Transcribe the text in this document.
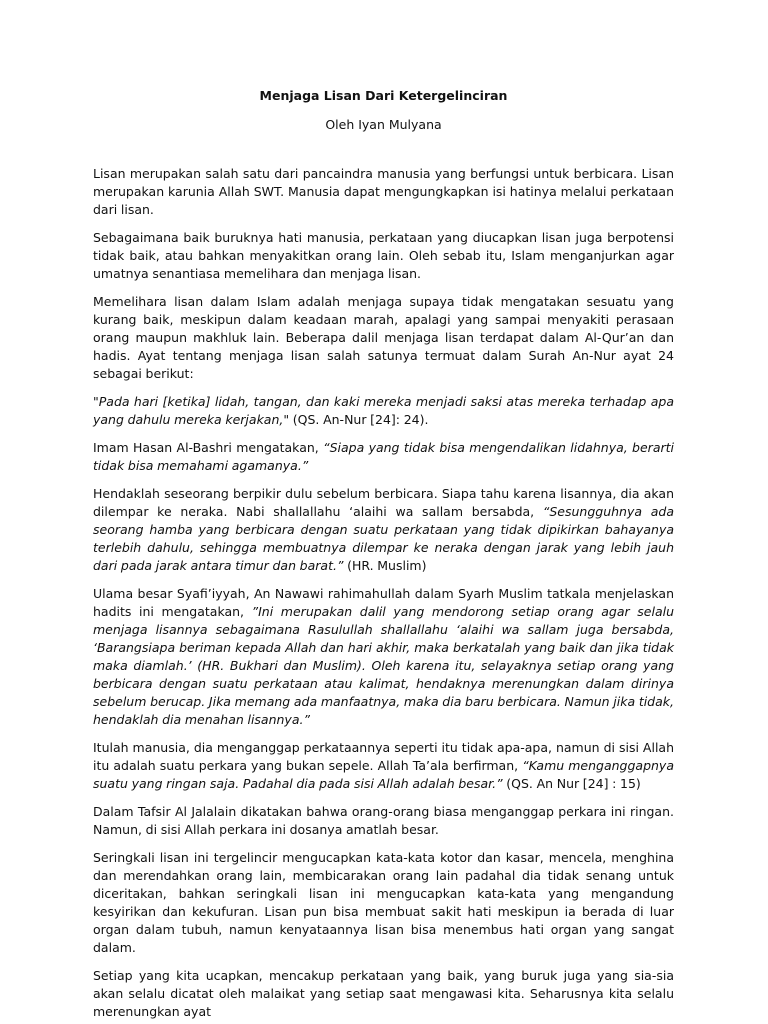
Menjaga Lisan Dari Ketergelinciran

Oleh Iyan Mulyana

Lisan merupakan salah satu dari pancaindra manusia yang berfungsi untuk berbicara. Lisan merupakan karunia Allah SWT. Manusia dapat mengungkapkan isi hatinya melalui perkataan dari lisan.

Sebagaimana baik buruknya hati manusia, perkataan yang diucapkan lisan juga berpotensi tidak baik, atau bahkan menyakitkan orang lain. Oleh sebab itu, Islam menganjurkan agar umatnya senantiasa memelihara dan menjaga lisan.

Memelihara lisan dalam Islam adalah menjaga supaya tidak mengatakan sesuatu yang kurang baik, meskipun dalam keadaan marah, apalagi yang sampai menyakiti perasaan orang maupun makhluk lain. Beberapa dalil menjaga lisan terdapat dalam Al-Qur’an dan hadis. Ayat tentang menjaga lisan salah satunya termuat dalam Surah An-Nur ayat 24 sebagai berikut:

"Pada hari [ketika] lidah, tangan, dan kaki mereka menjadi saksi atas mereka terhadap apa yang dahulu mereka kerjakan," (QS. An-Nur [24]: 24).

Imam Hasan Al-Bashri mengatakan, “Siapa yang tidak bisa mengendalikan lidahnya, berarti tidak bisa memahami agamanya.”

Hendaklah seseorang berpikir dulu sebelum berbicara. Siapa tahu karena lisannya, dia akan dilempar ke neraka. Nabi shallallahu ‘alaihi wa sallam bersabda, “Sesungguhnya ada seorang hamba yang berbicara dengan suatu perkataan yang tidak dipikirkan bahayanya terlebih dahulu, sehingga membuatnya dilempar ke neraka dengan jarak yang lebih jauh dari pada jarak antara timur dan barat.” (HR. Muslim)

Ulama besar Syafi’iyyah, An Nawawi rahimahullah dalam Syarh Muslim tatkala menjelaskan hadits ini mengatakan, ”Ini merupakan dalil yang mendorong setiap orang agar selalu menjaga lisannya sebagaimana Rasulullah shallallahu ‘alaihi wa sallam juga bersabda, ‘Barangsiapa beriman kepada Allah dan hari akhir, maka berkatalah yang baik dan jika tidak maka diamlah.’ (HR. Bukhari dan Muslim). Oleh karena itu, selayaknya setiap orang yang berbicara dengan suatu perkataan atau kalimat, hendaknya merenungkan dalam dirinya sebelum berucap. Jika memang ada manfaatnya, maka dia baru berbicara. Namun jika tidak, hendaklah dia menahan lisannya.”

Itulah manusia, dia menganggap perkataannya seperti itu tidak apa-apa, namun di sisi Allah itu adalah suatu perkara yang bukan sepele. Allah Ta’ala berfirman, “Kamu menganggapnya suatu yang ringan saja. Padahal dia pada sisi Allah adalah besar.” (QS. An Nur [24] : 15)

Dalam Tafsir Al Jalalain dikatakan bahwa orang-orang biasa menganggap perkara ini ringan. Namun, di sisi Allah perkara ini dosanya amatlah besar.

Seringkali lisan ini tergelincir mengucapkan kata-kata kotor dan kasar, mencela, menghina dan merendahkan orang lain, membicarakan orang lain padahal dia tidak senang untuk diceritakan, bahkan seringkali lisan ini mengucapkan kata-kata yang mengandung kesyirikan dan kekufuran. Lisan pun bisa membuat sakit hati meskipun ia berada di luar organ dalam tubuh, namun kenyataannya lisan bisa menembus hati organ yang sangat dalam.

Setiap yang kita ucapkan, mencakup perkataan yang baik, yang buruk juga yang sia-sia akan selalu dicatat oleh malaikat yang setiap saat mengawasi kita. Seharusnya kita selalu merenungkan ayat
